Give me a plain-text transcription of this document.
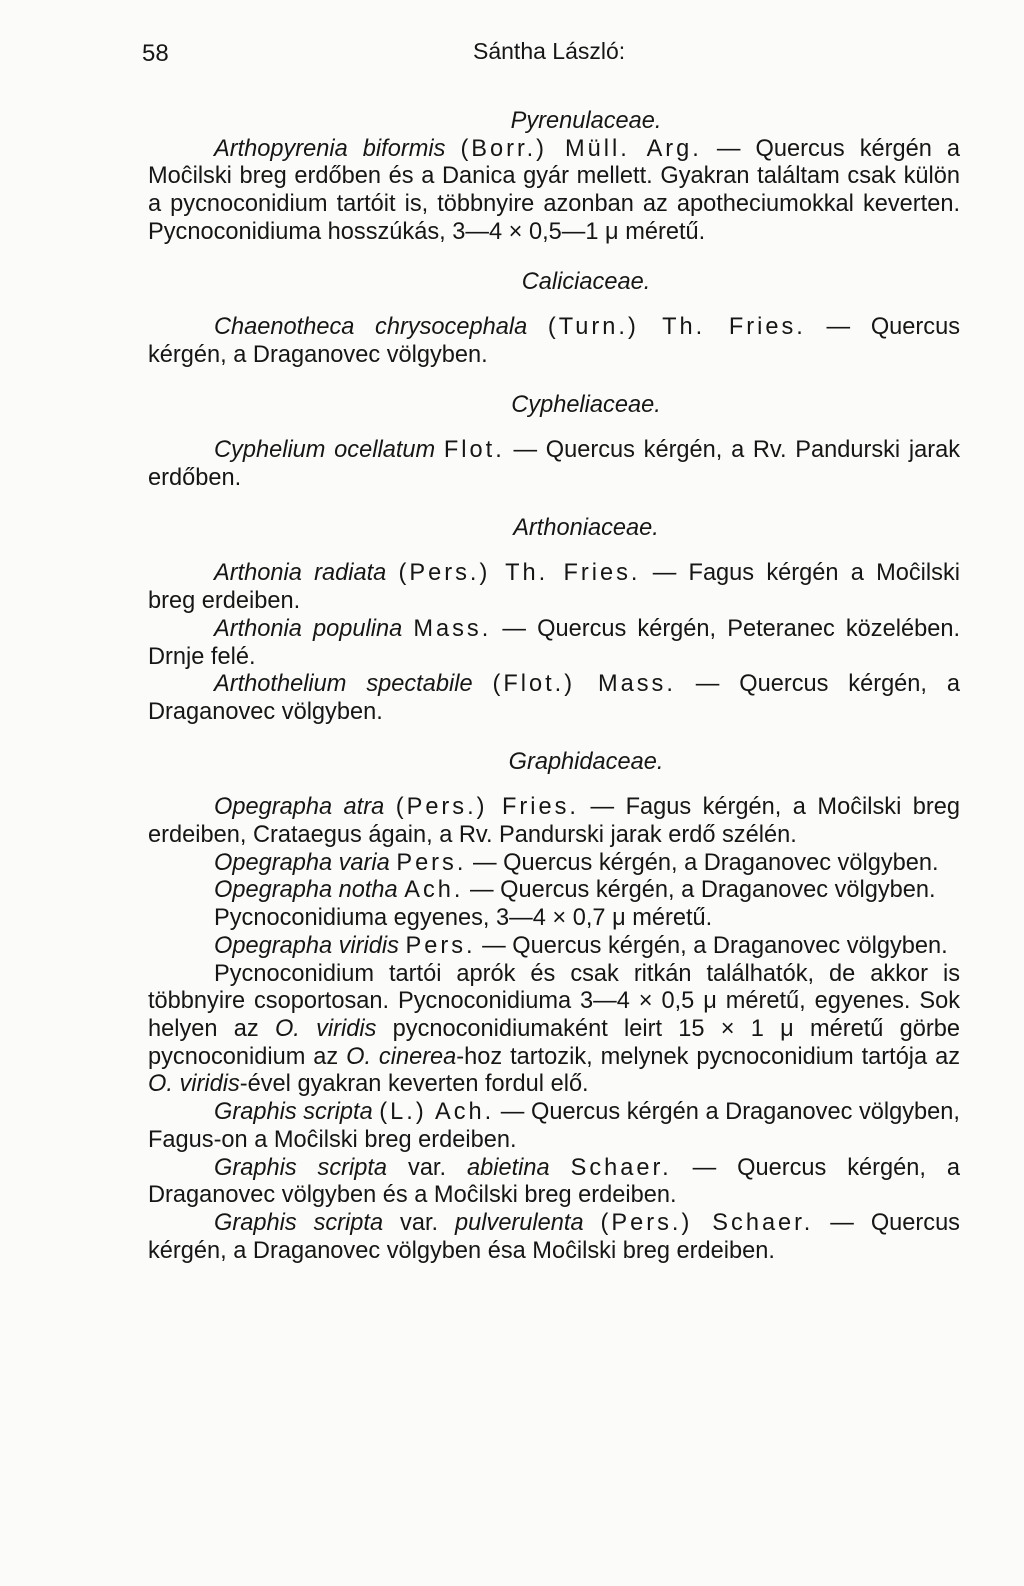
58	Sántha László:
Pyrenulaceae.

Arthopyrenia biformis (Borr.) Müll. Arg. — Quercus kérgén a Moĉilski breg erdőben és a Danica gyár mellett. Gyakran találtam csak külön a pycnoconidium tartóit is, többnyire azonban az apotheciumokkal keverten. Pycnoconidiuma hosszúkás, 3—4 × 0,5—1 μ méretű.

Caliciaceae.

Chaenotheca chrysocephala (Turn.) Th. Fries. — Quercus kérgén, a Draganovec völgyben.

Cypheliaceae.

Cyphelium ocellatum Flot. — Quercus kérgén, a Rv. Pandurski jarak erdőben.

Arthoniaceae.

Arthonia radiata (Pers.) Th. Fries. — Fagus kérgén a Moĉilski breg erdeiben.

Arthonia populina Mass. — Quercus kérgén, Peteranec közelében. Drnje felé.

Arthothelium spectabile (Flot.) Mass. — Quercus kérgén, a Draganovec völgyben.

Graphidaceae.

Opegrapha atra (Pers.) Fries. — Fagus kérgén, a Moĉilski breg erdeiben, Crataegus ágain, a Rv. Pandurski jarak erdő szélén.

Opegrapha varia Pers. — Quercus kérgén, a Draganovec völgyben.

Opegrapha notha Ach. — Quercus kérgén, a Draganovec völgyben.

Pycnoconidiuma egyenes, 3—4 × 0,7 μ méretű.

Opegrapha viridis Pers. — Quercus kérgén, a Draganovec völgyben.

Pycnoconidium tartói aprók és csak ritkán találhatók, de akkor is többnyire csoportosan. Pycnoconidiuma 3—4 × 0,5 μ méretű, egyenes. Sok helyen az O. viridis pycnoconidiumaként leirt 15 × 1 μ méretű görbe pycnoconidium az O. cinerea-hoz tartozik, melynek pycnoconidium tartója az O. viridis-ével gyakran keverten fordul elő.

Graphis scripta (L.) Ach. — Quercus kérgén a Draganovec völgyben, Fagus-on a Moĉilski breg erdeiben.

Graphis scripta var. abietina Schaer. — Quercus kérgén, a Draganovec völgyben és a Moĉilski breg erdeiben.

Graphis scripta var. pulverulenta (Pers.) Schaer. — Quercus kérgén, a Draganovec völgyben ésa Moĉilski breg erdeiben.
